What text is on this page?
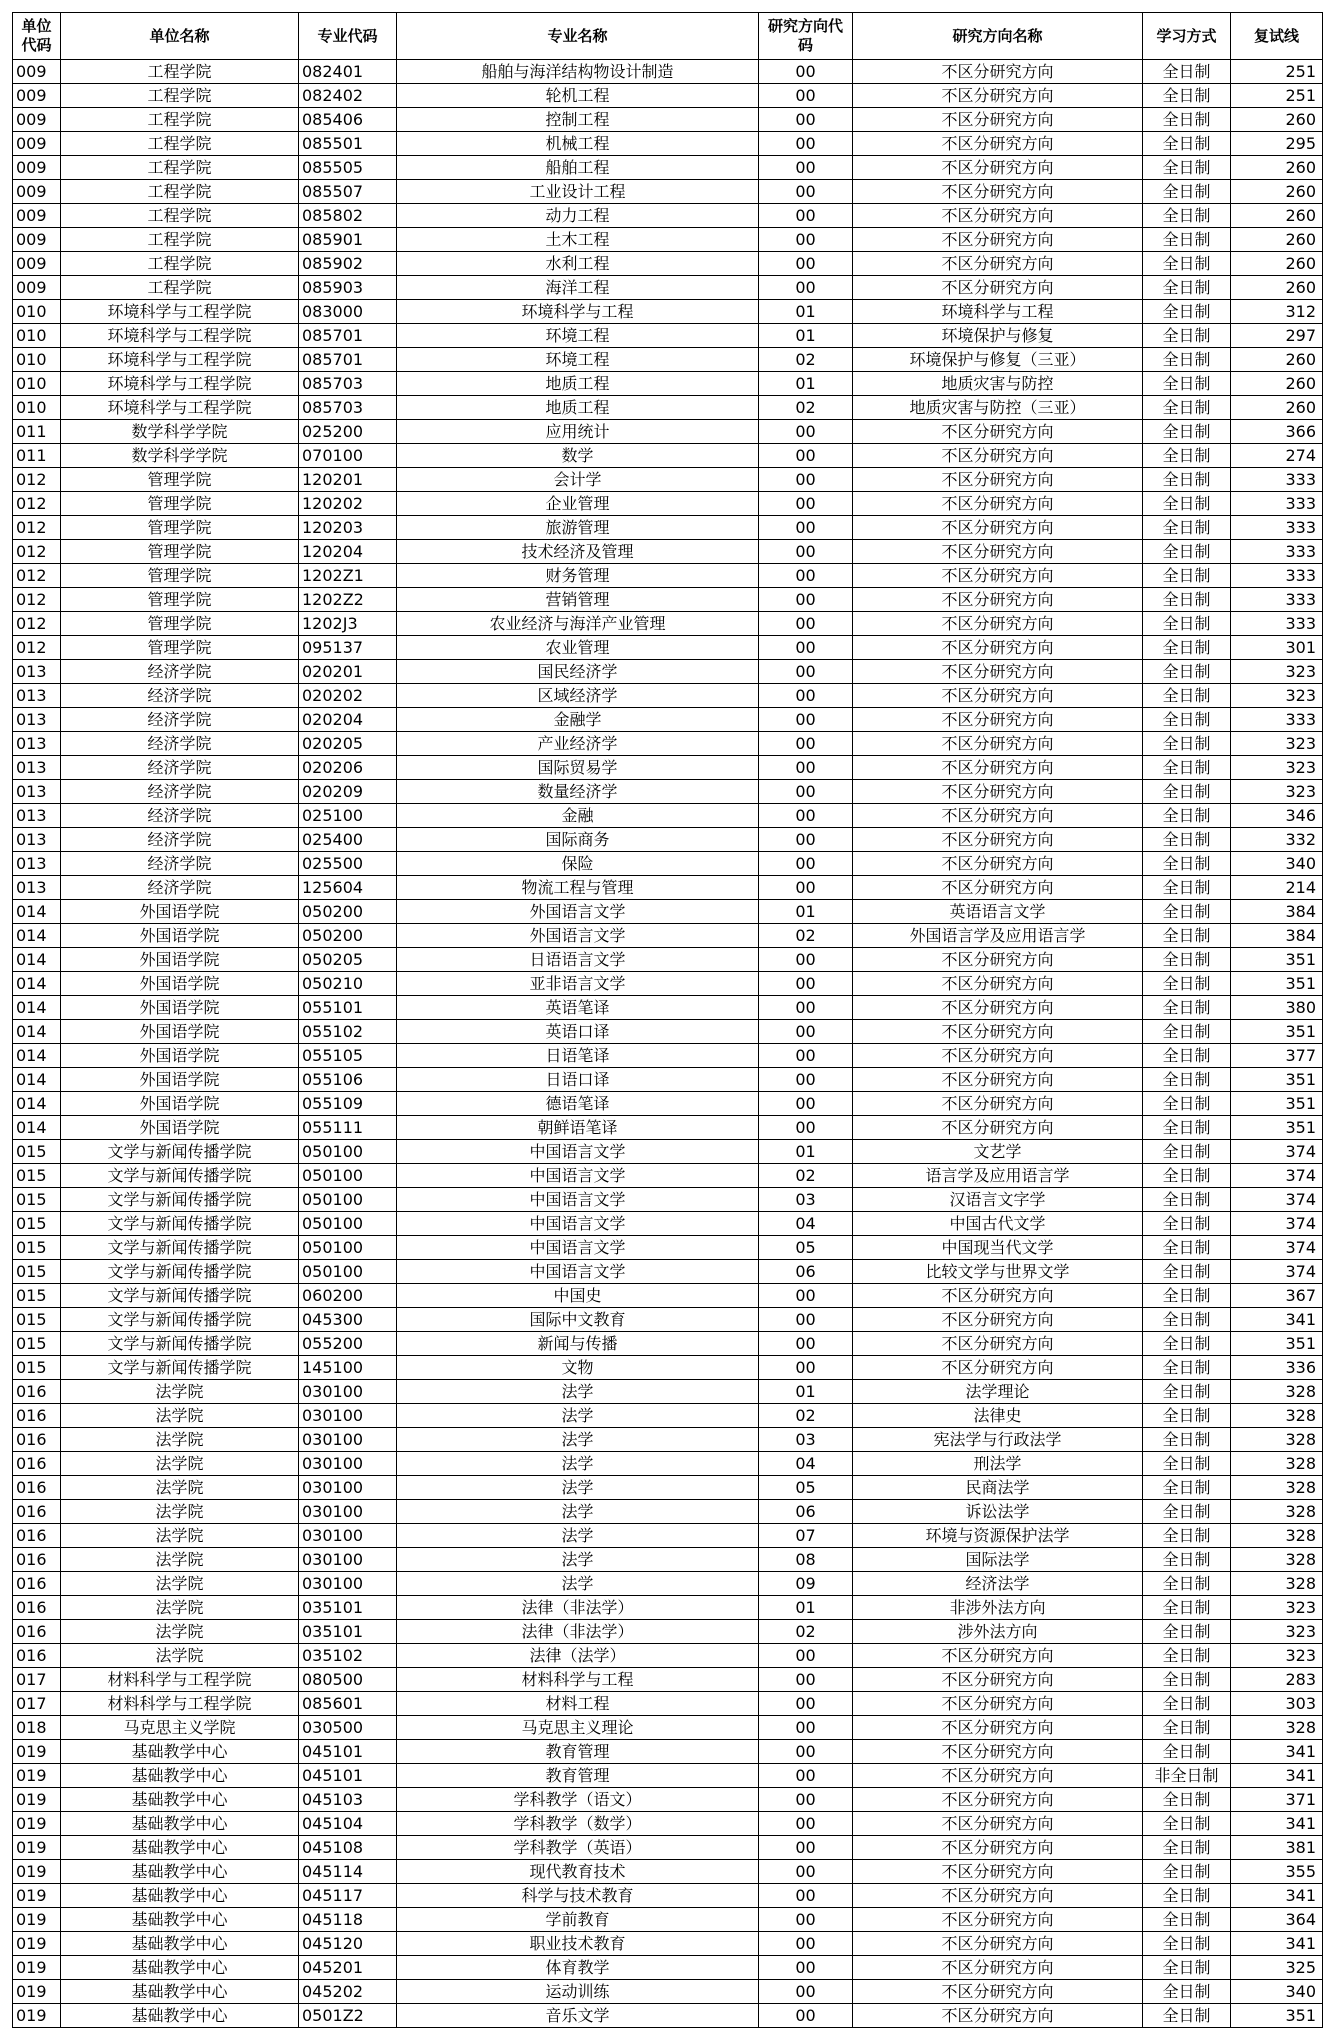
单位代码	单位名称	专业代码	专业名称	研究方向代码	研究方向名称	学习方式	复试线
009	工程学院	082401	船舶与海洋结构物设计制造	00	不区分研究方向	全日制	251
009	工程学院	082402	轮机工程	00	不区分研究方向	全日制	251
009	工程学院	085406	控制工程	00	不区分研究方向	全日制	260
009	工程学院	085501	机械工程	00	不区分研究方向	全日制	295
009	工程学院	085505	船舶工程	00	不区分研究方向	全日制	260
009	工程学院	085507	工业设计工程	00	不区分研究方向	全日制	260
009	工程学院	085802	动力工程	00	不区分研究方向	全日制	260
009	工程学院	085901	土木工程	00	不区分研究方向	全日制	260
009	工程学院	085902	水利工程	00	不区分研究方向	全日制	260
009	工程学院	085903	海洋工程	00	不区分研究方向	全日制	260
010	环境科学与工程学院	083000	环境科学与工程	01	环境科学与工程	全日制	312
010	环境科学与工程学院	085701	环境工程	01	环境保护与修复	全日制	297
010	环境科学与工程学院	085701	环境工程	02	环境保护与修复（三亚）	全日制	260
010	环境科学与工程学院	085703	地质工程	01	地质灾害与防控	全日制	260
010	环境科学与工程学院	085703	地质工程	02	地质灾害与防控（三亚）	全日制	260
011	数学科学学院	025200	应用统计	00	不区分研究方向	全日制	366
011	数学科学学院	070100	数学	00	不区分研究方向	全日制	274
012	管理学院	120201	会计学	00	不区分研究方向	全日制	333
012	管理学院	120202	企业管理	00	不区分研究方向	全日制	333
012	管理学院	120203	旅游管理	00	不区分研究方向	全日制	333
012	管理学院	120204	技术经济及管理	00	不区分研究方向	全日制	333
012	管理学院	1202Z1	财务管理	00	不区分研究方向	全日制	333
012	管理学院	1202Z2	营销管理	00	不区分研究方向	全日制	333
012	管理学院	1202J3	农业经济与海洋产业管理	00	不区分研究方向	全日制	333
012	管理学院	095137	农业管理	00	不区分研究方向	全日制	301
013	经济学院	020201	国民经济学	00	不区分研究方向	全日制	323
013	经济学院	020202	区域经济学	00	不区分研究方向	全日制	323
013	经济学院	020204	金融学	00	不区分研究方向	全日制	333
013	经济学院	020205	产业经济学	00	不区分研究方向	全日制	323
013	经济学院	020206	国际贸易学	00	不区分研究方向	全日制	323
013	经济学院	020209	数量经济学	00	不区分研究方向	全日制	323
013	经济学院	025100	金融	00	不区分研究方向	全日制	346
013	经济学院	025400	国际商务	00	不区分研究方向	全日制	332
013	经济学院	025500	保险	00	不区分研究方向	全日制	340
013	经济学院	125604	物流工程与管理	00	不区分研究方向	全日制	214
014	外国语学院	050200	外国语言文学	01	英语语言文学	全日制	384
014	外国语学院	050200	外国语言文学	02	外国语言学及应用语言学	全日制	384
014	外国语学院	050205	日语语言文学	00	不区分研究方向	全日制	351
014	外国语学院	050210	亚非语言文学	00	不区分研究方向	全日制	351
014	外国语学院	055101	英语笔译	00	不区分研究方向	全日制	380
014	外国语学院	055102	英语口译	00	不区分研究方向	全日制	351
014	外国语学院	055105	日语笔译	00	不区分研究方向	全日制	377
014	外国语学院	055106	日语口译	00	不区分研究方向	全日制	351
014	外国语学院	055109	德语笔译	00	不区分研究方向	全日制	351
014	外国语学院	055111	朝鲜语笔译	00	不区分研究方向	全日制	351
015	文学与新闻传播学院	050100	中国语言文学	01	文艺学	全日制	374
015	文学与新闻传播学院	050100	中国语言文学	02	语言学及应用语言学	全日制	374
015	文学与新闻传播学院	050100	中国语言文学	03	汉语言文字学	全日制	374
015	文学与新闻传播学院	050100	中国语言文学	04	中国古代文学	全日制	374
015	文学与新闻传播学院	050100	中国语言文学	05	中国现当代文学	全日制	374
015	文学与新闻传播学院	050100	中国语言文学	06	比较文学与世界文学	全日制	374
015	文学与新闻传播学院	060200	中国史	00	不区分研究方向	全日制	367
015	文学与新闻传播学院	045300	国际中文教育	00	不区分研究方向	全日制	341
015	文学与新闻传播学院	055200	新闻与传播	00	不区分研究方向	全日制	351
015	文学与新闻传播学院	145100	文物	00	不区分研究方向	全日制	336
016	法学院	030100	法学	01	法学理论	全日制	328
016	法学院	030100	法学	02	法律史	全日制	328
016	法学院	030100	法学	03	宪法学与行政法学	全日制	328
016	法学院	030100	法学	04	刑法学	全日制	328
016	法学院	030100	法学	05	民商法学	全日制	328
016	法学院	030100	法学	06	诉讼法学	全日制	328
016	法学院	030100	法学	07	环境与资源保护法学	全日制	328
016	法学院	030100	法学	08	国际法学	全日制	328
016	法学院	030100	法学	09	经济法学	全日制	328
016	法学院	035101	法律（非法学）	01	非涉外法方向	全日制	323
016	法学院	035101	法律（非法学）	02	涉外法方向	全日制	323
016	法学院	035102	法律（法学）	00	不区分研究方向	全日制	323
017	材料科学与工程学院	080500	材料科学与工程	00	不区分研究方向	全日制	283
017	材料科学与工程学院	085601	材料工程	00	不区分研究方向	全日制	303
018	马克思主义学院	030500	马克思主义理论	00	不区分研究方向	全日制	328
019	基础教学中心	045101	教育管理	00	不区分研究方向	全日制	341
019	基础教学中心	045101	教育管理	00	不区分研究方向	非全日制	341
019	基础教学中心	045103	学科教学（语文）	00	不区分研究方向	全日制	371
019	基础教学中心	045104	学科教学（数学）	00	不区分研究方向	全日制	341
019	基础教学中心	045108	学科教学（英语）	00	不区分研究方向	全日制	381
019	基础教学中心	045114	现代教育技术	00	不区分研究方向	全日制	355
019	基础教学中心	045117	科学与技术教育	00	不区分研究方向	全日制	341
019	基础教学中心	045118	学前教育	00	不区分研究方向	全日制	364
019	基础教学中心	045120	职业技术教育	00	不区分研究方向	全日制	341
019	基础教学中心	045201	体育教学	00	不区分研究方向	全日制	325
019	基础教学中心	045202	运动训练	00	不区分研究方向	全日制	340
019	基础教学中心	0501Z2	音乐文学	00	不区分研究方向	全日制	351
